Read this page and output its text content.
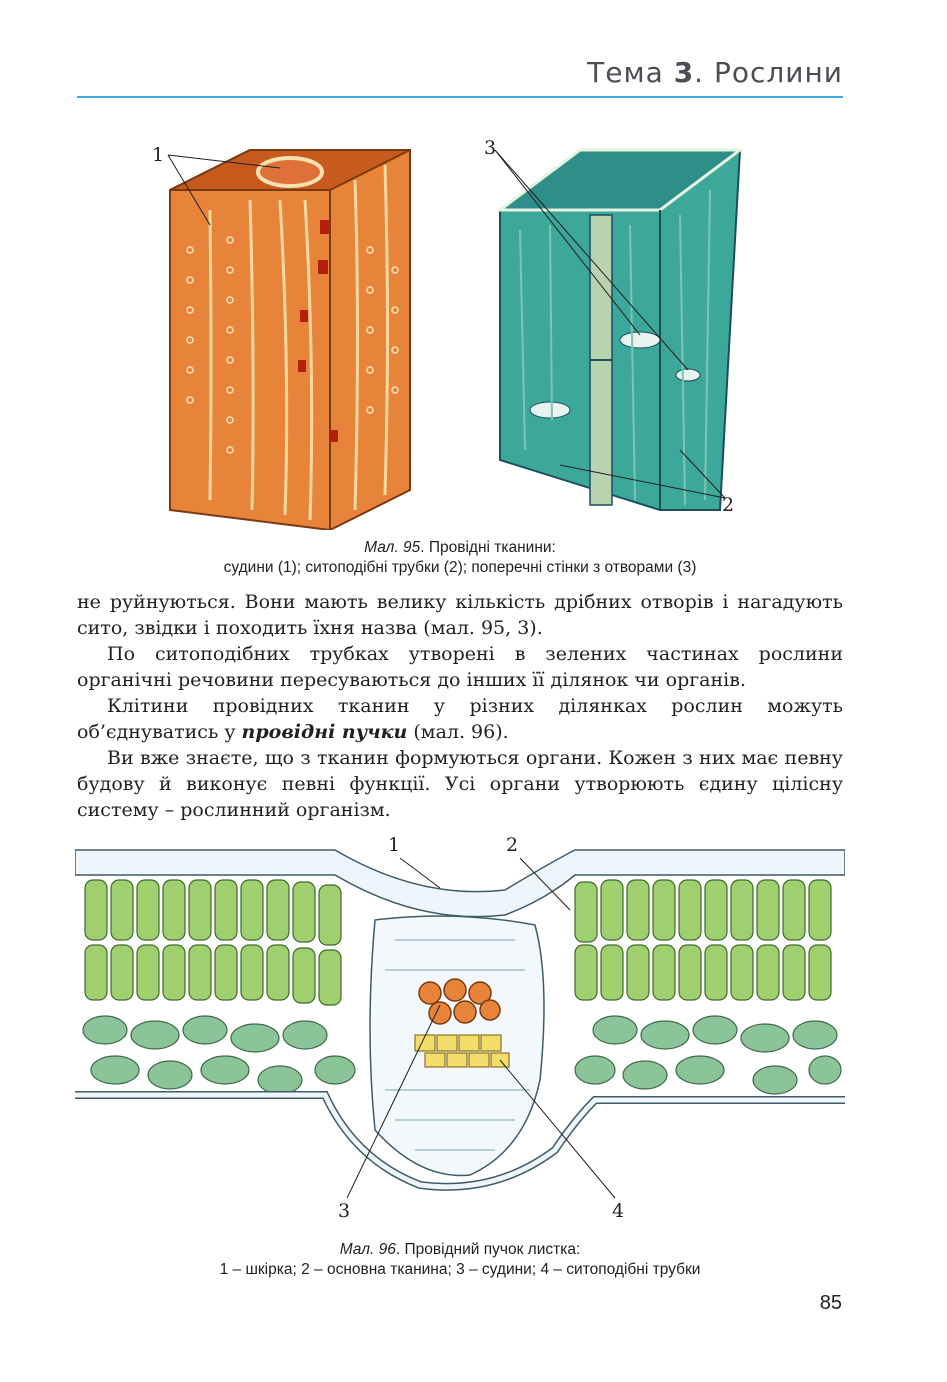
Тема 3. Рослини
1	3
2
Мал. 95. Провідні тканини:
судини (1); ситоподібні трубки (2); поперечні стінки з отворами (3)

не руйнуються. Вони мають велику кількість дрібних отворів і нагадують сито, звідки і походить їхня назва (мал. 95, 3).

По ситоподібних трубках утворені в зелених частинах рослини органічні речовини пересуваються до інших її ділянок чи органів.

Клітини провідних тканин у різних ділянках рослин можуть об’єднуватись у провідні пучки (мал. 96).

Ви вже знаєте, що з тканин формуються органи. Кожен з них має певну будову й виконує певні функції. Усі органи утворюють єдину цілісну систему – рослинний організм.

1	2
3	4
Мал. 96. Провідний пучок листка:
1 – шкірка; 2 – основна тканина; 3 – судини; 4 – ситоподібні трубки
85
